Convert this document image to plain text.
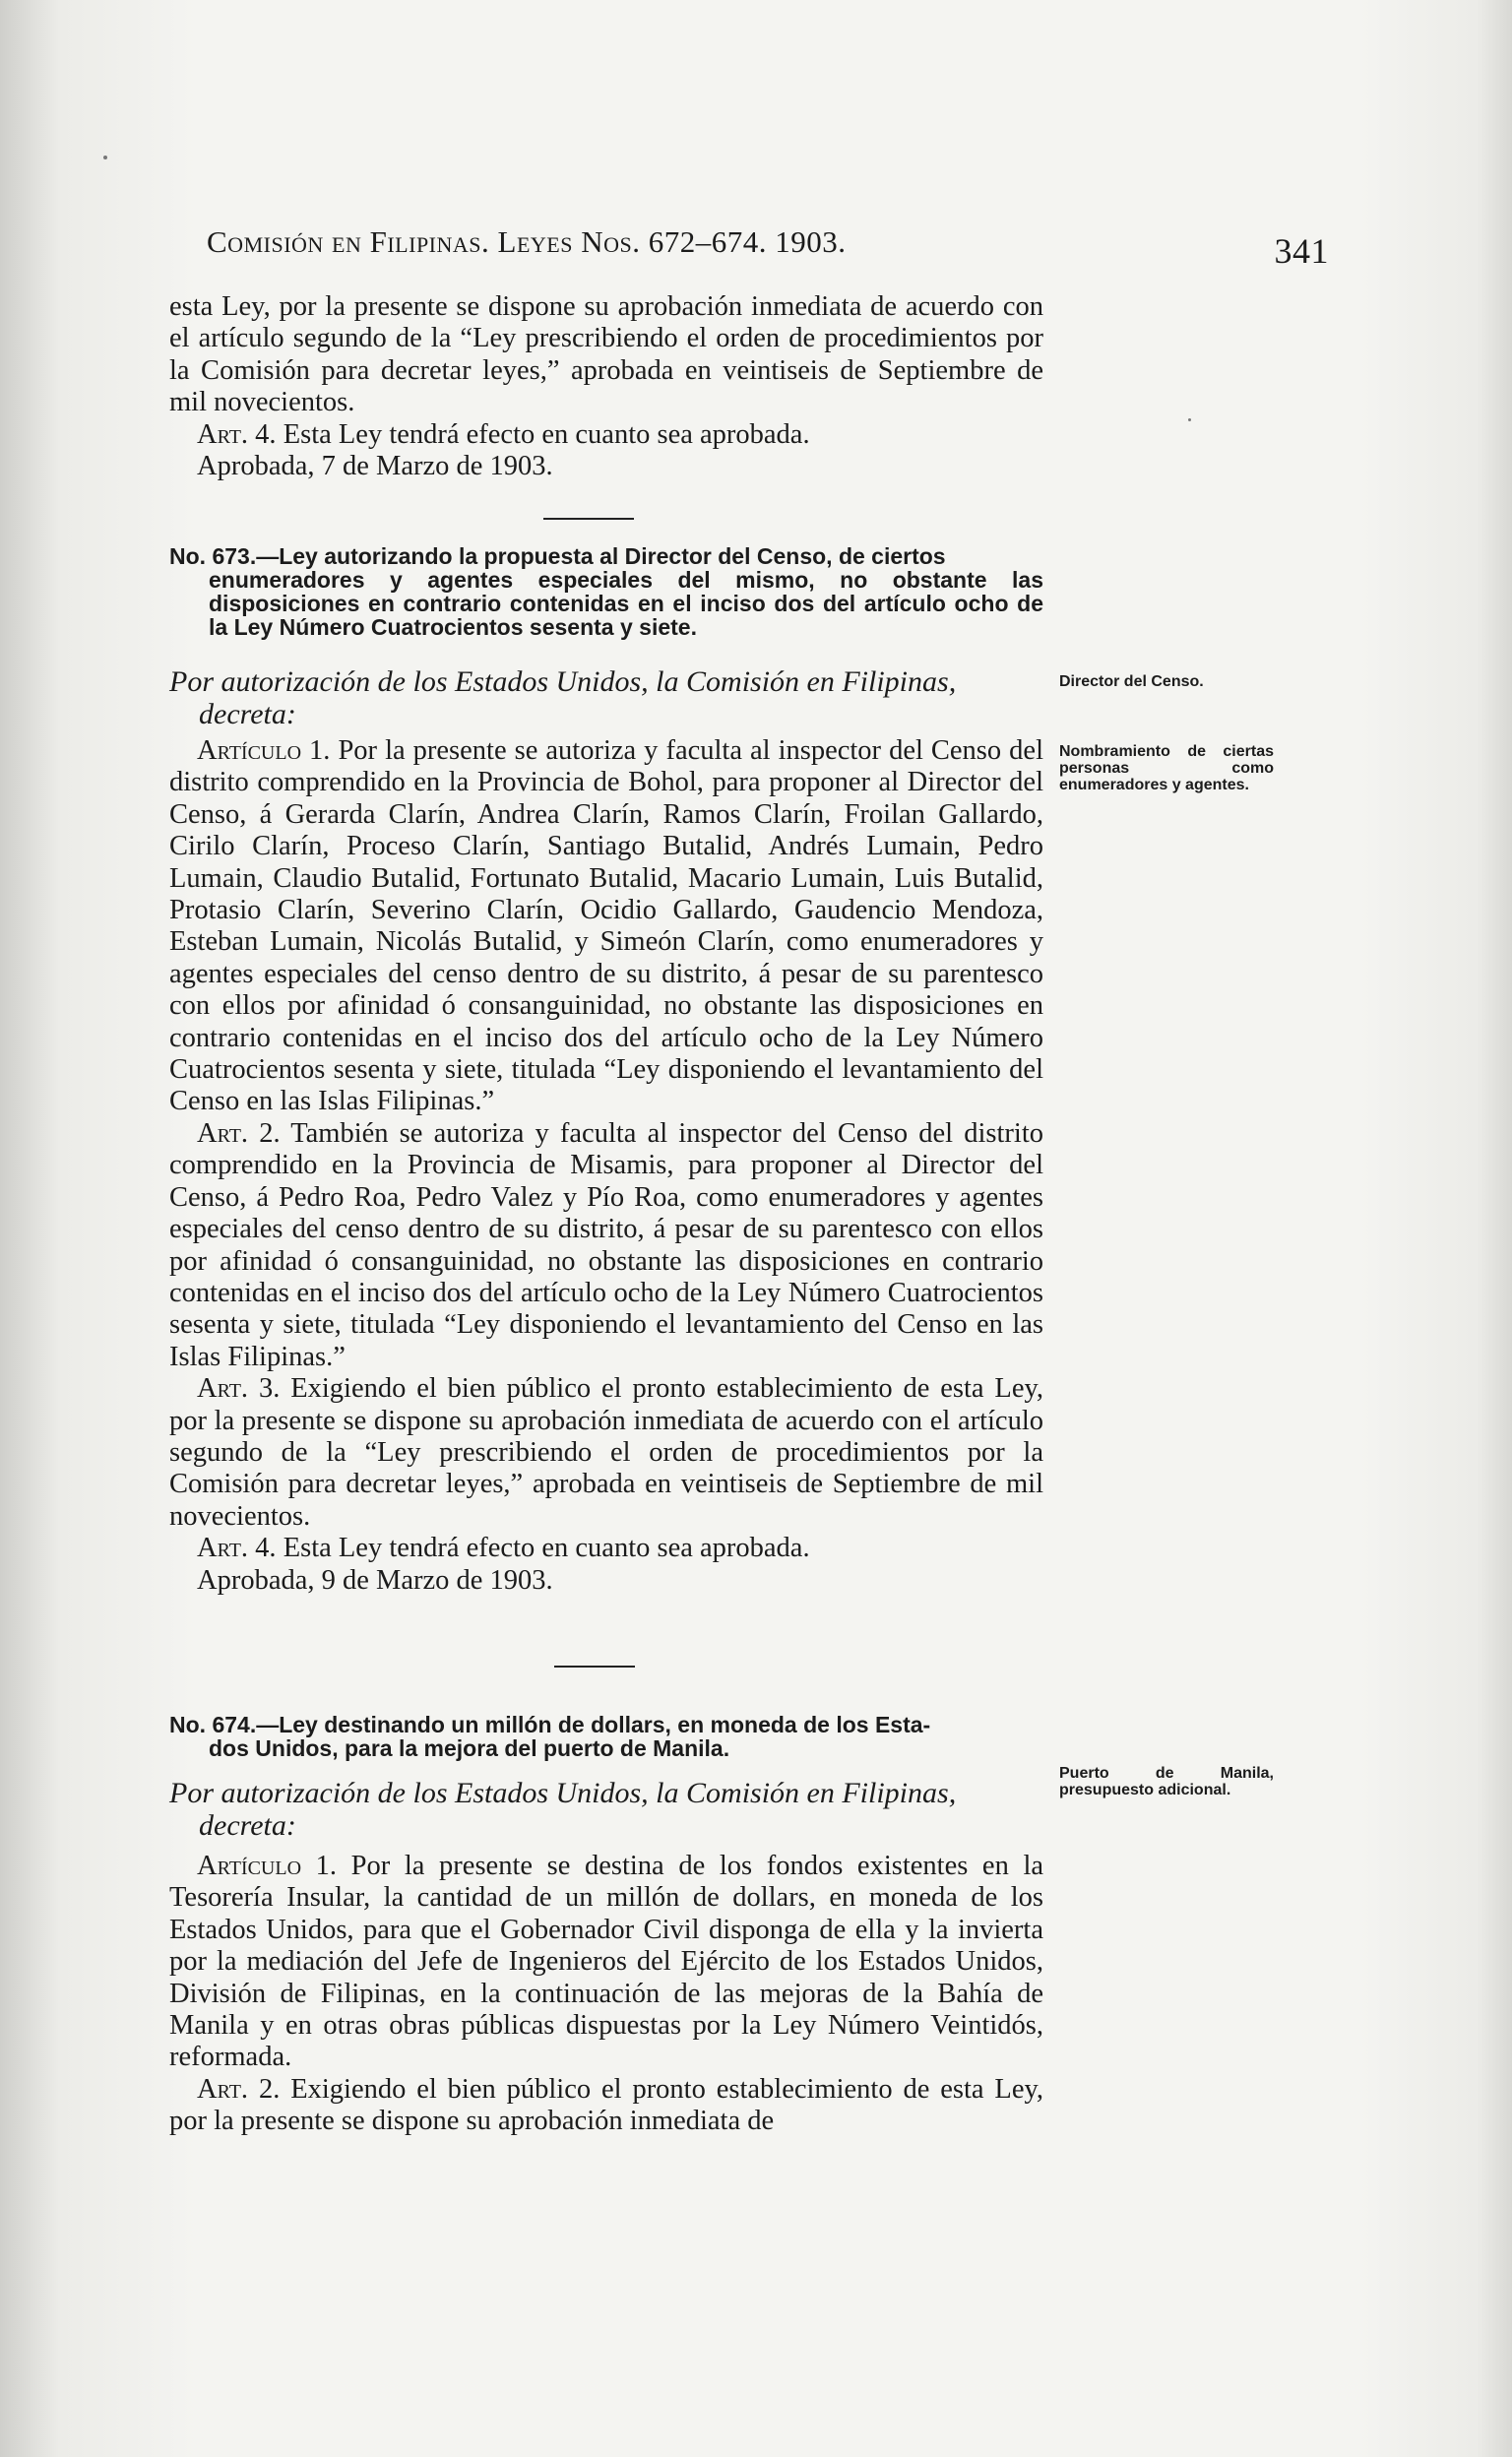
Comisión en Filipinas. Leyes Nos. 672–674. 1903.	341

esta Ley, por la presente se dispone su aprobación inmediata de acuerdo con el artículo segundo de la “Ley prescribiendo el orden de procedimientos por la Comisión para decretar leyes,” aprobada en veintiseis de Septiembre de mil novecientos.

Art. 4. Esta Ley tendrá efecto en cuanto sea aprobada.

Aprobada, 7 de Marzo de 1903.

No. 673.—Ley autorizando la propuesta al Director del Censo, de ciertos
enumeradores y agentes especiales del mismo, no obstante las disposiciones en contrario contenidas en el inciso dos del artículo ocho de la Ley Número Cuatrocientos sesenta y siete.
Por autorización de los Estados Unidos, la Comisión en Filipinas,
decreta:
Director del Censo.
Nombramiento de ciertas personas como enumeradores y agentes.

Artículo 1. Por la presente se autoriza y faculta al inspector del Censo del distrito comprendido en la Provincia de Bohol, para proponer al Director del Censo, á Gerarda Clarín, Andrea Clarín, Ramos Clarín, Froilan Gallardo, Cirilo Clarín, Proceso Clarín, Santiago Butalid, Andrés Lumain, Pedro Lumain, Claudio Butalid, Fortunato Butalid, Macario Lumain, Luis Butalid, Protasio Clarín, Severino Clarín, Ocidio Gallardo, Gaudencio Mendoza, Esteban Lumain, Nicolás Butalid, y Simeón Clarín, como enumeradores y agentes especiales del censo dentro de su distrito, á pesar de su parentesco con ellos por afinidad ó consanguinidad, no obstante las disposiciones en contrario contenidas en el inciso dos del artículo ocho de la Ley Número Cuatrocientos sesenta y siete, titulada “Ley disponiendo el levantamiento del Censo en las Islas Filipinas.”

Art. 2. También se autoriza y faculta al inspector del Censo del distrito comprendido en la Provincia de Misamis, para proponer al Director del Censo, á Pedro Roa, Pedro Valez y Pío Roa, como enumeradores y agentes especiales del censo dentro de su distrito, á pesar de su parentesco con ellos por afinidad ó consanguinidad, no obstante las disposiciones en contrario contenidas en el inciso dos del artículo ocho de la Ley Número Cuatrocientos sesenta y siete, titulada “Ley disponiendo el levantamiento del Censo en las Islas Filipinas.”

Art. 3. Exigiendo el bien público el pronto establecimiento de esta Ley, por la presente se dispone su aprobación inmediata de acuerdo con el artículo segundo de la “Ley prescribiendo el orden de procedimientos por la Comisión para decretar leyes,” aprobada en veintiseis de Septiembre de mil novecientos.

Art. 4. Esta Ley tendrá efecto en cuanto sea aprobada.

Aprobada, 9 de Marzo de 1903.

No. 674.—Ley destinando un millón de dollars, en moneda de los Esta-
dos Unidos, para la mejora del puerto de Manila.
Por autorización de los Estados Unidos, la Comisión en Filipinas,
decreta:
Puerto de Manila, presupuesto adicional.

Artículo 1. Por la presente se destina de los fondos existentes en la Tesorería Insular, la cantidad de un millón de dollars, en moneda de los Estados Unidos, para que el Gobernador Civil disponga de ella y la invierta por la mediación del Jefe de Ingenieros del Ejército de los Estados Unidos, División de Filipinas, en la continuación de las mejoras de la Bahía de Manila y en otras obras públicas dispuestas por la Ley Número Veintidós, reformada.

Art. 2. Exigiendo el bien público el pronto establecimiento de esta Ley, por la presente se dispone su aprobación inmediata de
